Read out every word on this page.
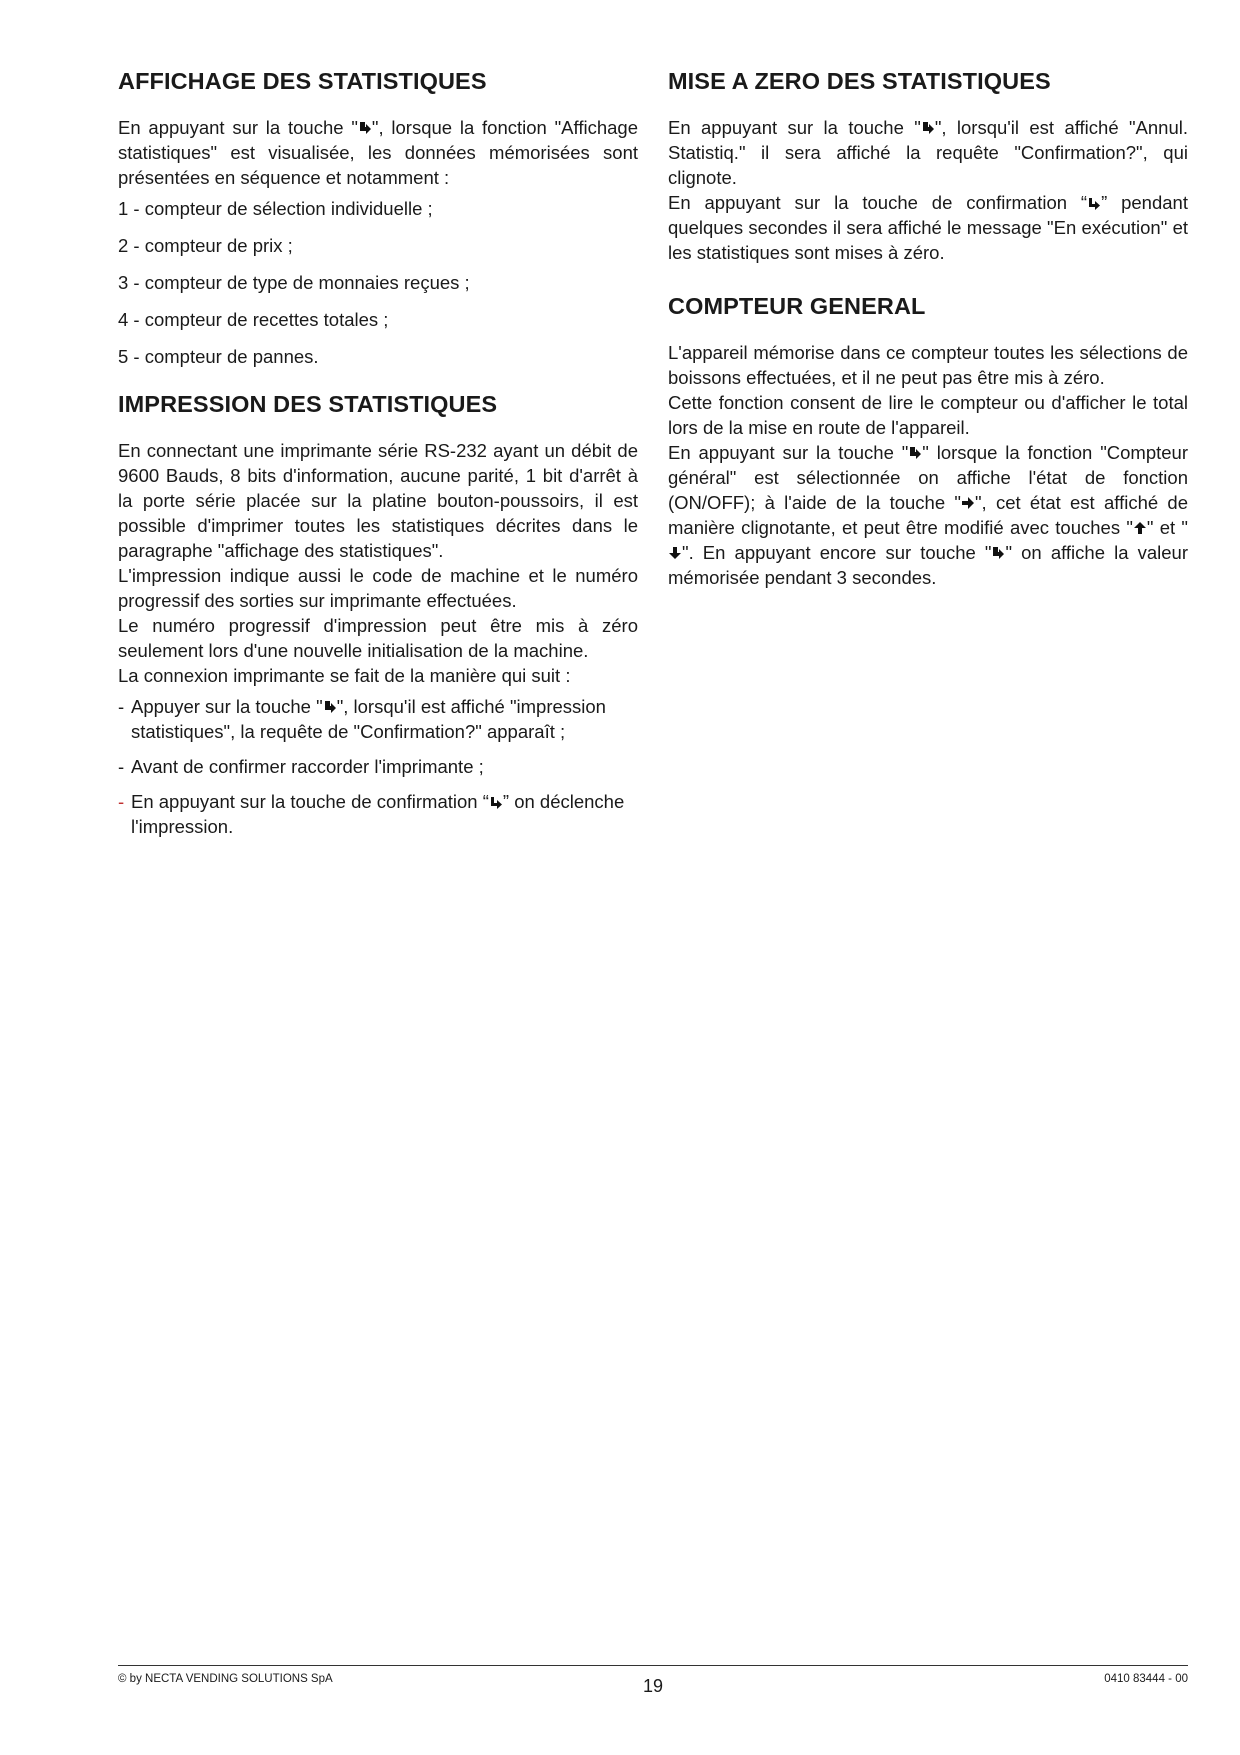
AFFICHAGE DES STATISTIQUES

En appuyant sur la touche " ", lorsque la fonction "Affichage statistiques" est visualisée, les données mémorisées sont présentées en séquence et notamment :

1 - compteur de sélection individuelle ;

2 - compteur de prix ;

3 - compteur de type de monnaies reçues ;

4 - compteur de recettes totales ;

5 - compteur de pannes.

IMPRESSION DES STATISTIQUES

En connectant une imprimante série RS-232 ayant un débit de 9600 Bauds, 8 bits d'information, aucune parité, 1 bit d'arrêt à la porte série placée sur la platine bouton-poussoirs, il est possible d'imprimer toutes les statistiques décrites dans le paragraphe "affichage des statistiques".

L'impression indique aussi le code de machine et le numéro progressif des sorties sur imprimante effectuées.

Le numéro progressif d'impression peut être mis à zéro seulement lors d'une nouvelle initialisation de la machine.

La connexion imprimante se fait de la manière qui suit :

- Appuyer sur la touche " ", lorsqu'il est affiché "impression statistiques", la requête de "Confirmation?" apparaît ;
- Avant de confirmer raccorder l'imprimante ;
- En appuyant sur la touche de confirmation “ ” on déclenche l'impression.
MISE A ZERO DES STATISTIQUES

En appuyant sur la touche " ", lorsqu'il est affiché "Annul. Statistiq." il sera affiché la requête "Confirmation?", qui clignote.

En appuyant sur la touche de confirmation “ ” pendant quelques secondes il sera affiché le message "En exécution" et les statistiques sont mises à zéro.

COMPTEUR GENERAL

L'appareil mémorise dans ce compteur toutes les sélections de boissons effectuées, et il ne peut pas être mis à zéro.

Cette fonction consent de lire le compteur ou d'afficher le total lors de la mise en route de l'appareil.

En appuyant sur la touche " " lorsque la fonction "Compteur général" est sélectionnée on affiche l'état de fonction (ON/OFF); à l'aide de la touche " ", cet état est affiché de manière clignotante, et peut être modifié avec touches " " et "
". En appuyant encore sur touche " " on affiche la valeur mémorisée pendant 3 secondes.

© by NECTA VENDING SOLUTIONS SpA	19	0410 83444 - 00
